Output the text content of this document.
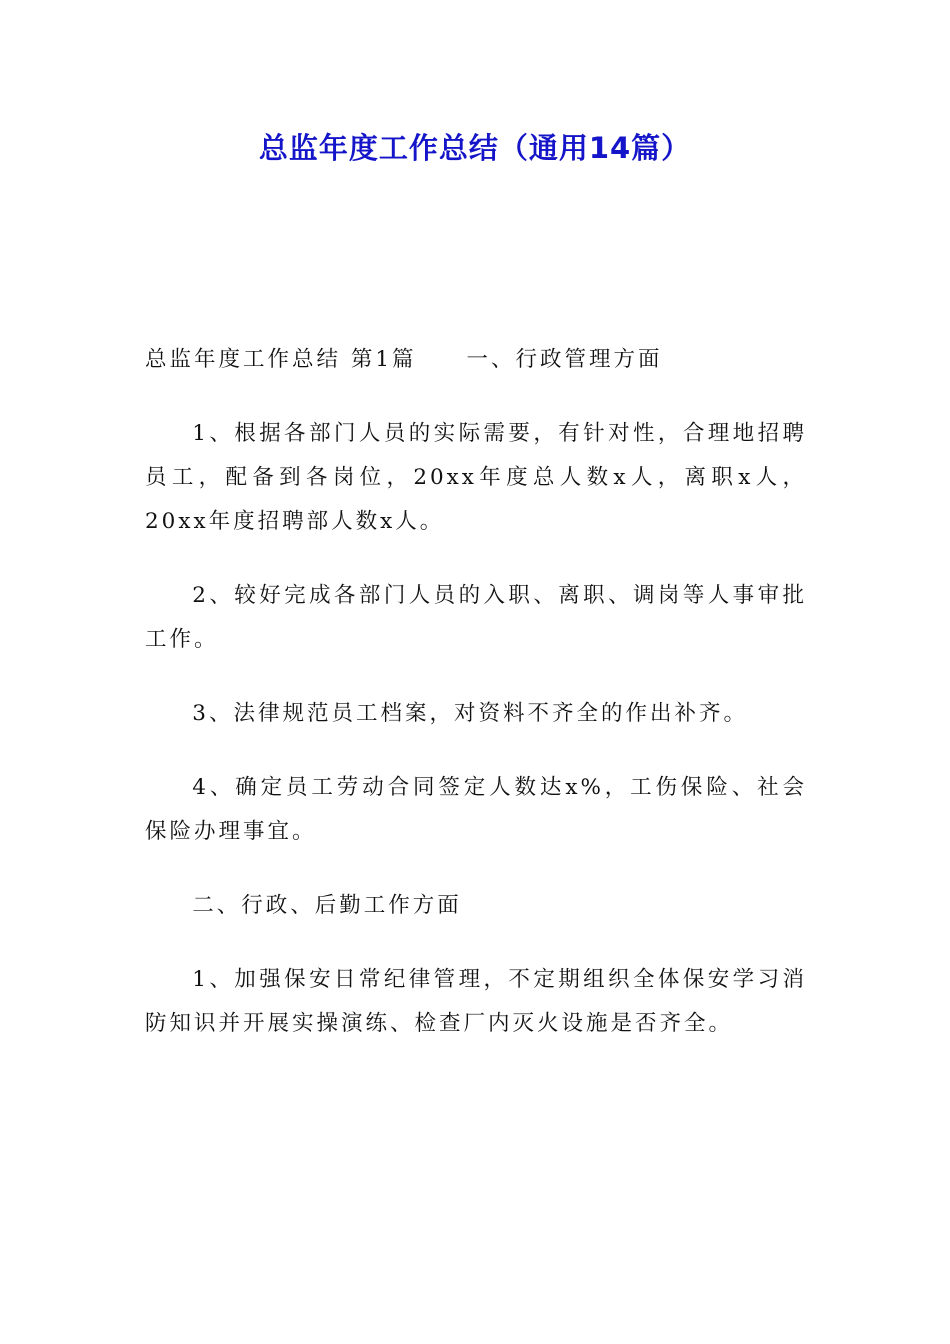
总监年度工作总结（通用14篇）

总监年度工作总结 第1篇 一、行政管理方面

1、根据各部门人员的实际需要，有针对性，合理地招聘员工，配备到各岗位，20xx年度总人数x人，离职x人，20xx年度招聘部人数x人。

2、较好完成各部门人员的入职、离职、调岗等人事审批工作。

3、法律规范员工档案，对资料不齐全的作出补齐。

4、确定员工劳动合同签定人数达x%，工伤保险、社会保险办理事宜。

二、行政、后勤工作方面

1、加强保安日常纪律管理，不定期组织全体保安学习消防知识并开展实操演练、检查厂内灭火设施是否齐全。
